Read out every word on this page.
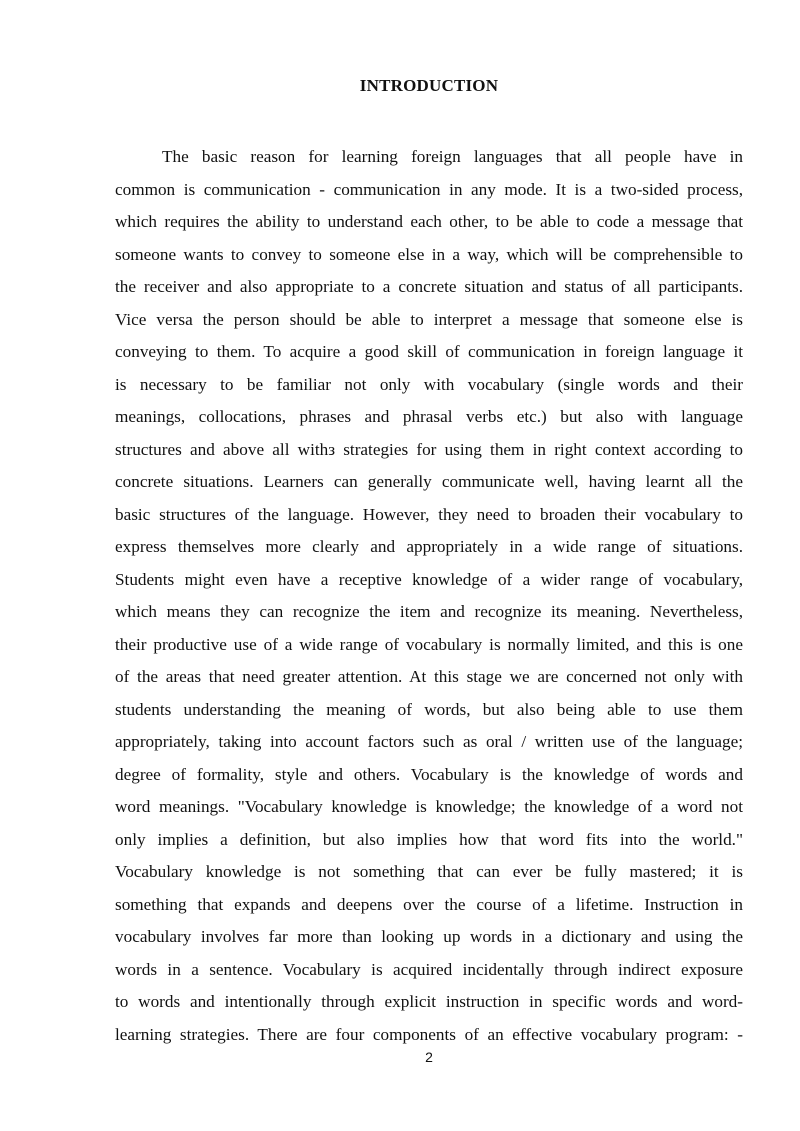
INTRODUCTION
The basic reason for learning foreign languages that all people have in
common is communication - communication in any mode. It is a two-sided process,
which requires the ability to understand each other, to be able to code a message that
someone wants to convey to someone else in a way, which will be comprehensible to
the receiver and also appropriate to a concrete situation and status of all participants.
Vice versa the person should be able to interpret a message that someone else is
conveying to them. To acquire a good skill of communication in foreign language it
is necessary to be familiar not only with vocabulary (single words and their
meanings, collocations, phrases and phrasal verbs etc.) but also with language
structures and above all withз strategies for using them in right context according to
concrete situations. Learners can generally communicate well, having learnt all the
basic structures of the language. However, they need to broaden their vocabulary to
express themselves more clearly and appropriately in a wide range of situations.
Students might even have a receptive knowledge of a wider range of vocabulary,
which means they can recognize the item and recognize its meaning. Nevertheless,
their productive use of a wide range of vocabulary is normally limited, and this is one
of the areas that need greater attention. At this stage we are concerned not only with
students understanding the meaning of words, but also being able to use them
appropriately, taking into account factors such as oral / written use of the language;
degree of formality, style and others. Vocabulary is the knowledge of words and
word meanings. "Vocabulary knowledge is knowledge; the knowledge of a word not
only implies a definition, but also implies how that word fits into the world."
Vocabulary knowledge is not something that can ever be fully mastered; it is
something that expands and deepens over the course of a lifetime. Instruction in
vocabulary involves far more than looking up words in a dictionary and using the
words in a sentence. Vocabulary is acquired incidentally through indirect exposure
to words and intentionally through explicit instruction in specific words and word-
learning strategies. There are four components of an effective vocabulary program: -
2
